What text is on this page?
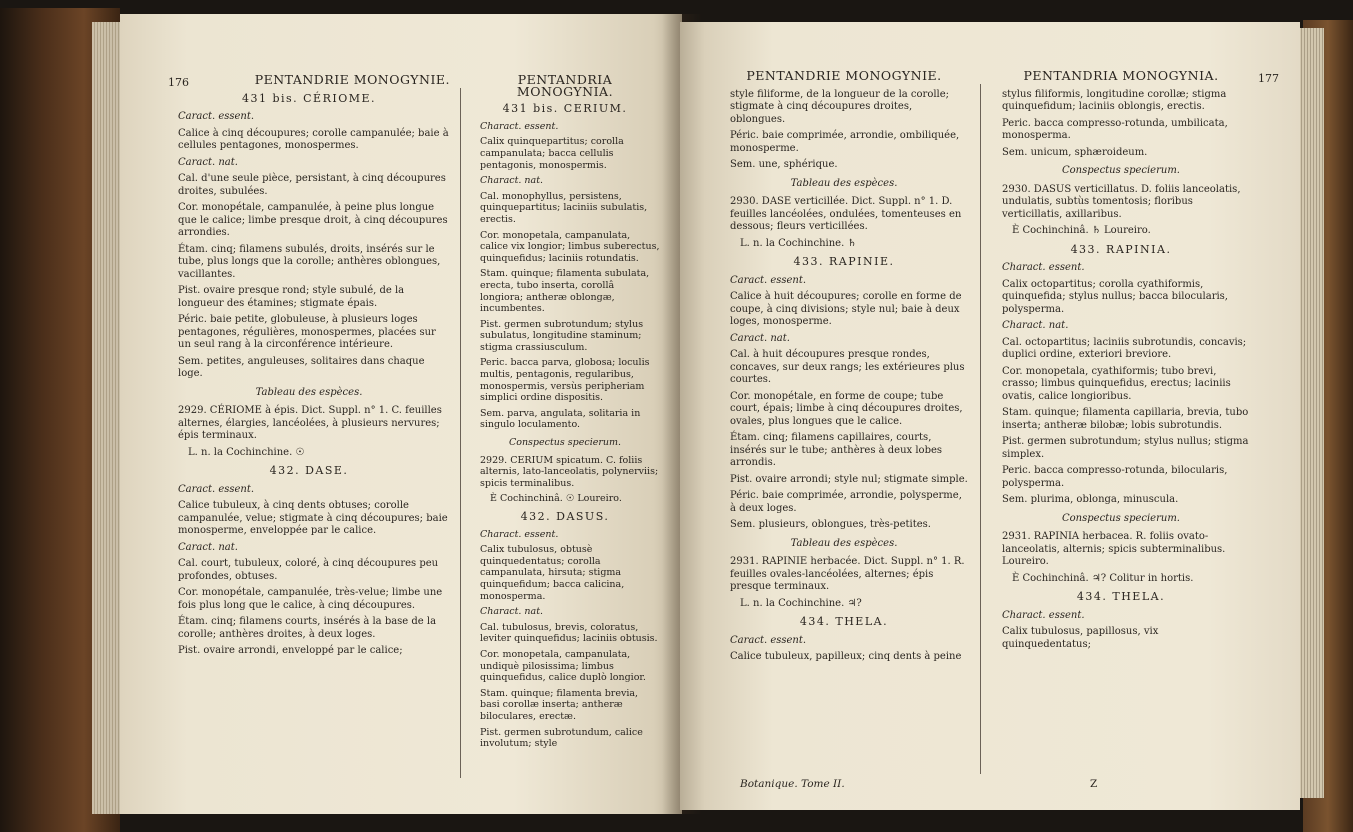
176	PENTANDRIE MONOGYNIE.
431 bis. CÉRIOME.
Caract. essent.
Calice à cinq découpures; corolle campanulée; baie à cellules pentagones, monospermes.
Caract. nat.
Cal. d'une seule pièce, persistant, à cinq découpures droites, subulées.
Cor. monopétale, campanulée, à peine plus longue que le calice; limbe presque droit, à cinq découpures arrondies.
Étam. cinq; filamens subulés, droits, insérés sur le tube, plus longs que la corolle; anthères oblongues, vacillantes.
Pist. ovaire presque rond; style subulé, de la longueur des étamines; stigmate épais.
Péric. baie petite, globuleuse, à plusieurs loges pentagones, régulières, monospermes, placées sur un seul rang à la circonférence intérieure.
Sem. petites, anguleuses, solitaires dans chaque loge.
Tableau des espèces.
2929. CÉRIOME à épis. Dict. Suppl. n° 1. C. feuilles alternes, élargies, lancéolées, à plusieurs nervures; épis terminaux.
L. n. la Cochinchine. ☉
432. DASE.
Caract. essent.
Calice tubuleux, à cinq dents obtuses; corolle campanulée, velue; stigmate à cinq découpures; baie monosperme, enveloppée par le calice.
Caract. nat.
Cal. court, tubuleux, coloré, à cinq découpures peu profondes, obtuses.
Cor. monopétale, campanulée, très-velue; limbe une fois plus long que le calice, à cinq découpures.
Étam. cinq; filamens courts, insérés à la base de la corolle; anthères droites, à deux loges.
Pist. ovaire arrondi, enveloppé par le calice;
PENTANDRIA MONOGYNIA.
431 bis. CERIUM.
Charact. essent.
Calix quinquepartitus; corolla campanulata; bacca cellulis pentagonis, monospermis.
Charact. nat.
Cal. monophyllus, persistens, quinquepartitus; laciniis subulatis, erectis.
Cor. monopetala, campanulata, calice vix longior; limbus suberectus, quinquefidus; laciniis rotundatis.
Stam. quinque; filamenta subulata, erecta, tubo inserta, corollâ longiora; antheræ oblongæ, incumbentes.
Pist. germen subrotundum; stylus subulatus, longitudine staminum; stigma crassiusculum.
Peric. bacca parva, globosa; loculis multis, pentagonis, regularibus, monospermis, versùs peripheriam simplici ordine dispositis.
Sem. parva, angulata, solitaria in singulo loculamento.
Conspectus specierum.
2929. CERIUM spicatum. C. foliis alternis, lato-lanceolatis, polynerviis; spicis terminalibus.
È Cochinchinâ. ☉ Loureiro.
432. DASUS.
Charact. essent.
Calix tubulosus, obtusè quinquedentatus; corolla campanulata, hirsuta; stigma quinquefidum; bacca calicina, monosperma.
Charact. nat.
Cal. tubulosus, brevis, coloratus, leviter quinquefidus; laciniis obtusis.
Cor. monopetala, campanulata, undiquè pilosissima; limbus quinquefidus, calice duplò longior.
Stam. quinque; filamenta brevia, basi corollæ inserta; antheræ biloculares, erectæ.
Pist. germen subrotundum, calice involutum; style
PENTANDRIE MONOGYNIE.
style filiforme, de la longueur de la corolle; stigmate à cinq découpures droites, oblongues.
Péric. baie comprimée, arrondie, ombiliquée, monosperme.
Sem. une, sphérique.
Tableau des espèces.
2930. DASE verticillée. Dict. Suppl. n° 1. D. feuilles lancéolées, ondulées, tomenteuses en dessous; fleurs verticillées.
L. n. la Cochinchine. ♄
433. RAPINIE.
Caract. essent.
Calice à huit découpures; corolle en forme de coupe, à cinq divisions; style nul; baie à deux loges, monosperme.
Caract. nat.
Cal. à huit découpures presque rondes, concaves, sur deux rangs; les extérieures plus courtes.
Cor. monopétale, en forme de coupe; tube court, épais; limbe à cinq découpures droites, ovales, plus longues que le calice.
Étam. cinq; filamens capillaires, courts, insérés sur le tube; anthères à deux lobes arrondis.
Pist. ovaire arrondi; style nul; stigmate simple.
Péric. baie comprimée, arrondie, polysperme, à deux loges.
Sem. plusieurs, oblongues, très-petites.
Tableau des espèces.
2931. RAPINIE herbacée. Dict. Suppl. n° 1. R. feuilles ovales-lancéolées, alternes; épis presque terminaux.
L. n. la Cochinchine. ♃?
434. THELA.
Caract. essent.
Calice tubuleux, papilleux; cinq dents à peine
PENTANDRIA MONOGYNIA.
stylus filiformis, longitudine corollæ; stigma quinquefidum; laciniis oblongis, erectis.
Peric. bacca compresso-rotunda, umbilicata, monosperma.
Sem. unicum, sphæroideum.
Conspectus specierum.
2930. DASUS verticillatus. D. foliis lanceolatis, undulatis, subtùs tomentosis; floribus verticillatis, axillaribus.
È Cochinchinâ. ♄ Loureiro.
433. RAPINIA.
Charact. essent.
Calix octopartitus; corolla cyathiformis, quinquefida; stylus nullus; bacca bilocularis, polysperma.
Charact. nat.
Cal. octopartitus; laciniis subrotundis, concavis; duplici ordine, exteriori breviore.
Cor. monopetala, cyathiformis; tubo brevi, crasso; limbus quinquefidus, erectus; laciniis ovatis, calice longioribus.
Stam. quinque; filamenta capillaria, brevia, tubo inserta; antheræ bilobæ; lobis subrotundis.
Pist. germen subrotundum; stylus nullus; stigma simplex.
Peric. bacca compresso-rotunda, bilocularis, polysperma.
Sem. plurima, oblonga, minuscula.
Conspectus specierum.
2931. RAPINIA herbacea. R. foliis ovato-lanceolatis, alternis; spicis subterminalibus. Loureiro.
È Cochinchinâ. ♃? Colitur in hortis.
434. THELA.
Charact. essent.
Calix tubulosus, papillosus, vix quinquedentatus;
177
Botanique. Tome II.	Z
